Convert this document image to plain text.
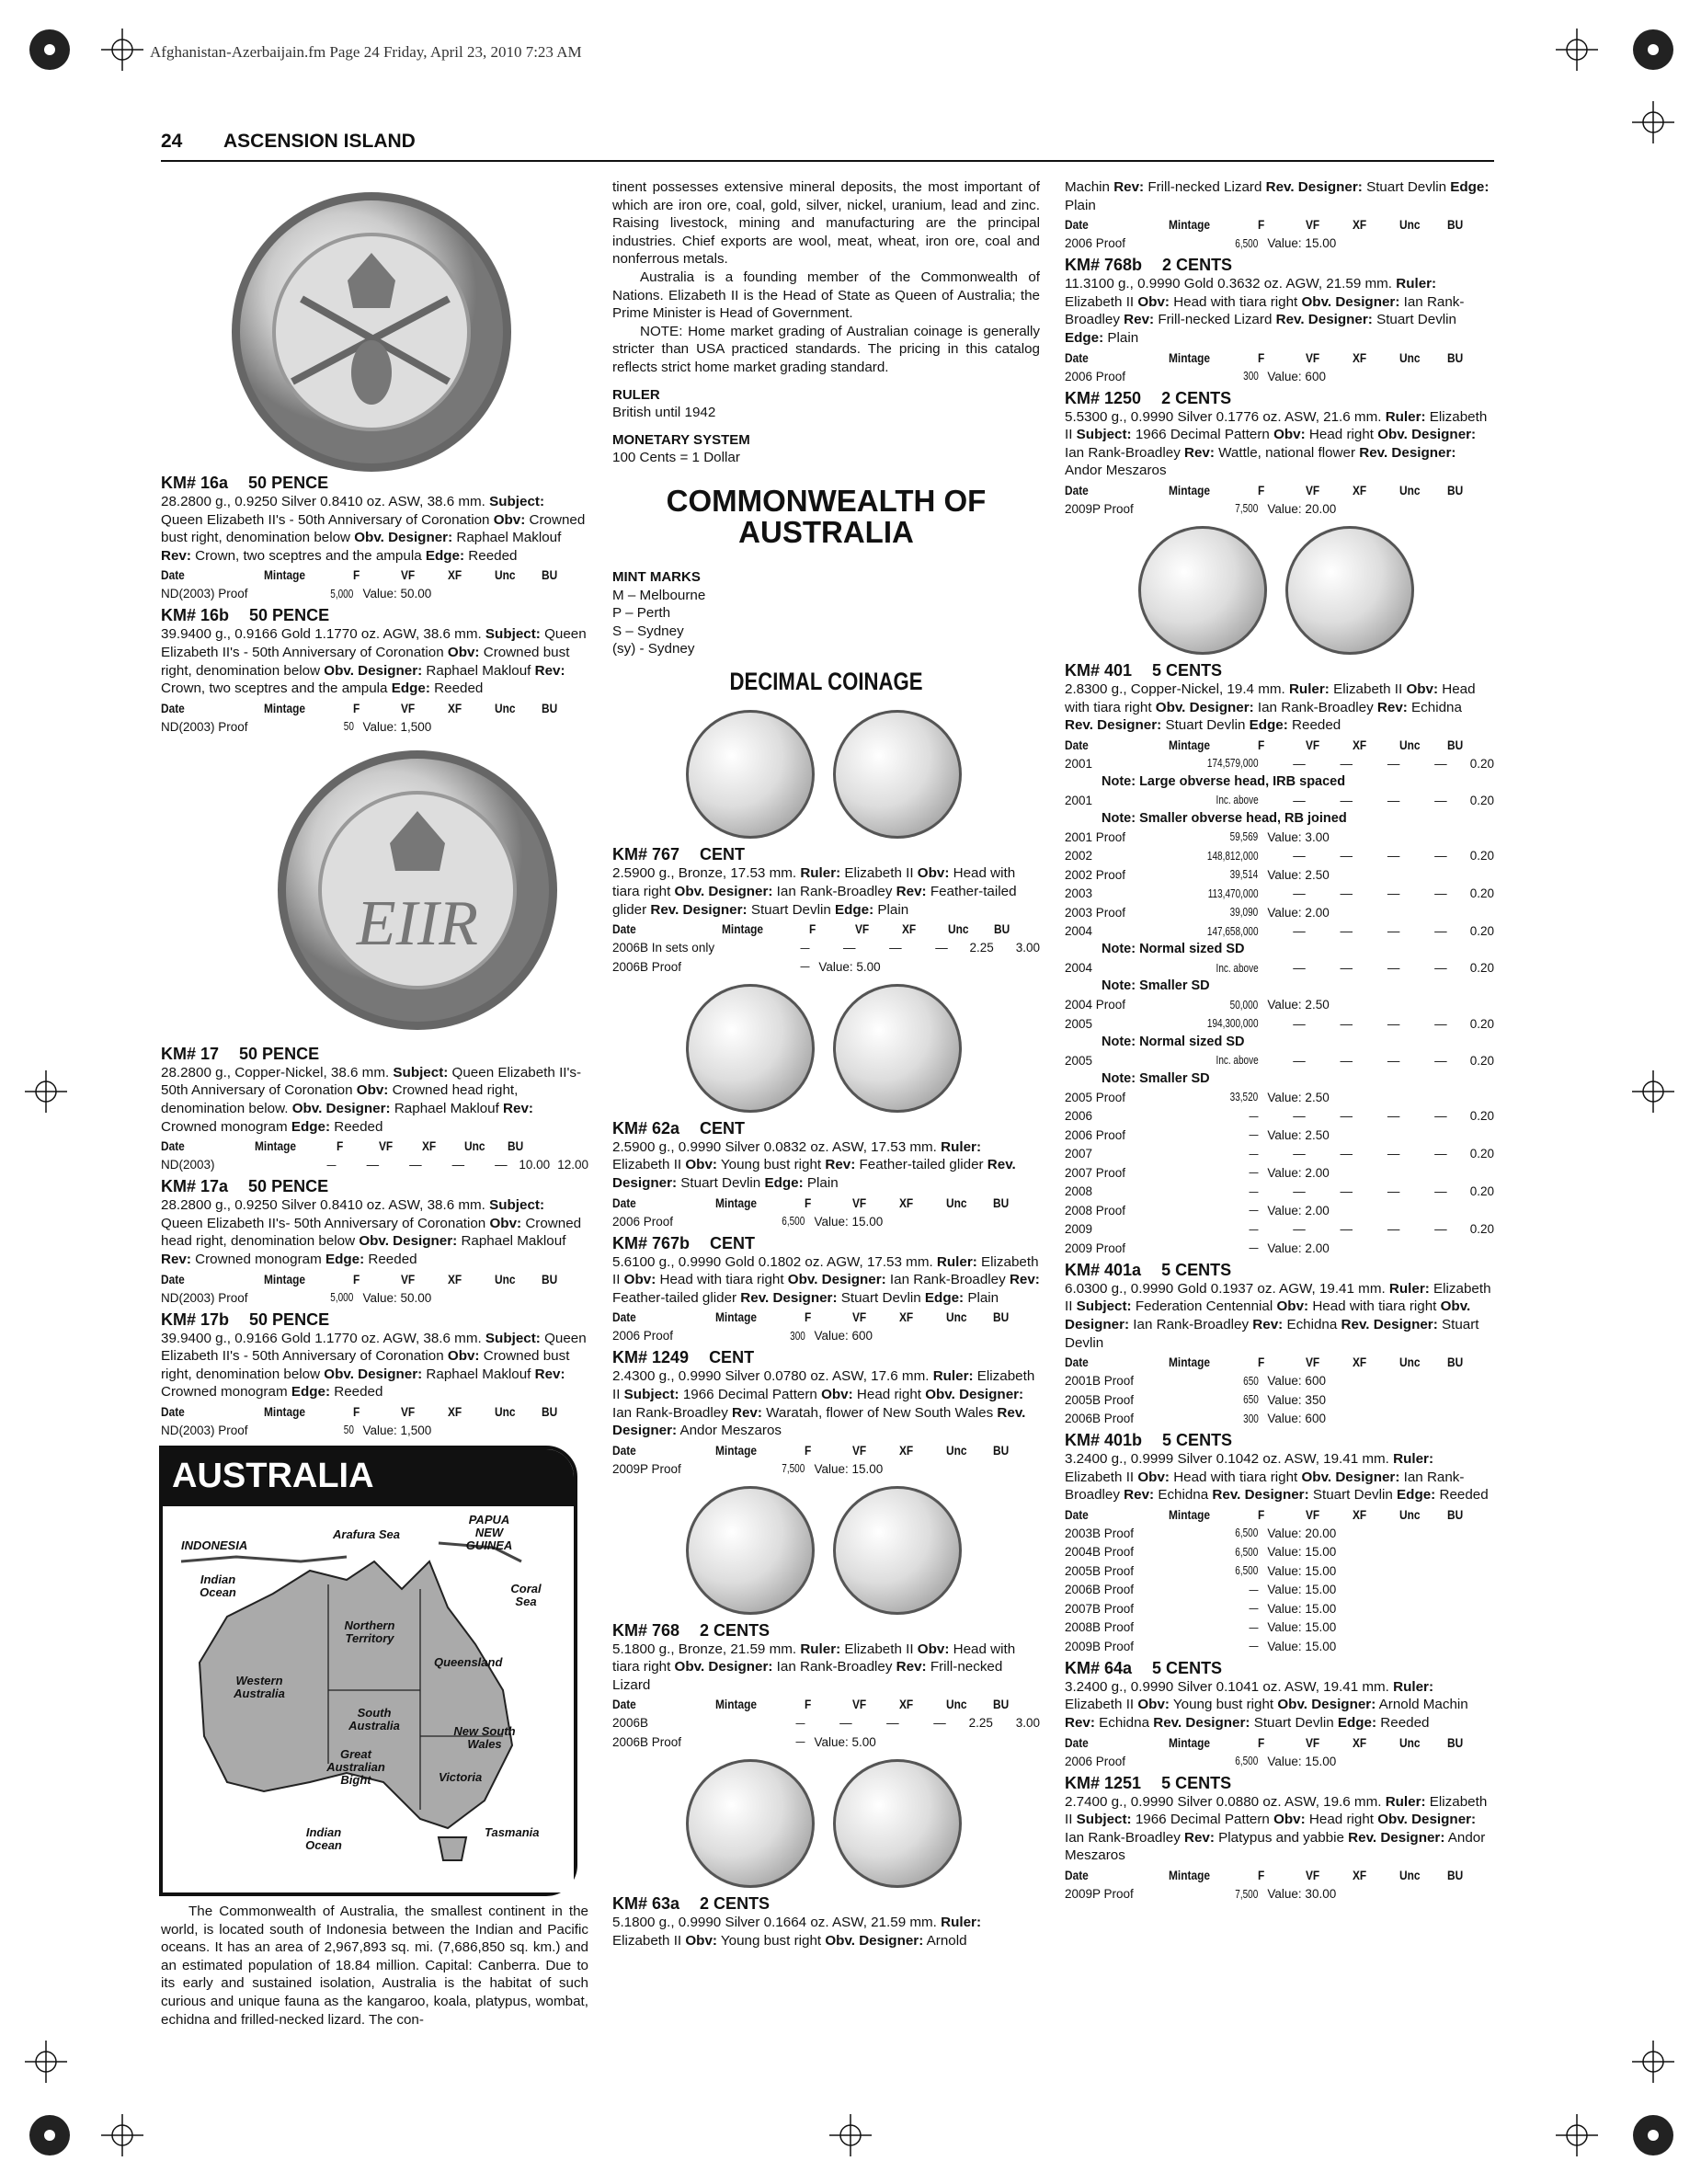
Afghanistan-Azerbaijain.fm Page 24 Friday, April 23, 2010 7:23 AM
24 ASCENSION ISLAND
EIIR
KM# 16a 50 PENCE

28.2800 g., 0.9250 Silver 0.8410 oz. ASW, 38.6 mm. Subject: Queen Elizabeth II's - 50th Anniversary of Coronation Obv: Crowned bust right, denomination below Obv. Designer: Raphael Maklouf Rev: Crown, two sceptres and the ampula Edge: Reeded

Date	Mintage	F	VF	XF	Unc	BU
ND(2003) Proof	5,000	Value: 50.00				
KM# 16b 50 PENCE

39.9400 g., 0.9166 Gold 1.1770 oz. AGW, 38.6 mm. Subject: Queen Elizabeth II's - 50th Anniversary of Coronation Obv: Crowned bust right, denomination below Obv. Designer: Raphael Maklouf Rev: Crown, two sceptres and the ampula Edge: Reeded

Date	Mintage	F	VF	XF	Unc	BU
ND(2003) Proof	50	Value: 1,500				
KM# 17 50 PENCE

28.2800 g., Copper-Nickel, 38.6 mm. Subject: Queen Elizabeth II's- 50th Anniversary of Coronation Obv: Crowned head right, denomination below. Obv. Designer: Raphael Maklouf Rev: Crowned monogram Edge: Reeded

Date	Mintage	F	VF	XF	Unc	BU	
ND(2003)	—	—	—	—	—	10.00	12.00
KM# 17a 50 PENCE

28.2800 g., 0.9250 Silver 0.8410 oz. ASW, 38.6 mm. Subject: Queen Elizabeth II's- 50th Anniversary of Coronation Obv: Crowned head right, denomination below Obv. Designer: Raphael Maklouf Rev: Crowned monogram Edge: Reeded

Date	Mintage	F	VF	XF	Unc	BU
ND(2003) Proof	5,000	Value: 50.00				
KM# 17b 50 PENCE

39.9400 g., 0.9166 Gold 1.1770 oz. AGW, 38.6 mm. Subject: Queen Elizabeth II's - 50th Anniversary of Coronation Obv: Crowned bust right, denomination below Obv. Designer: Raphael Maklouf Rev: Crowned monogram Edge: Reeded

Date	Mintage	F	VF	XF	Unc	BU
ND(2003) Proof	50	Value: 1,500				
AUSTRALIA
INDONESIA
Arafura Sea
PAPUA NEW GUINEA
Indian Ocean	Coral Sea
Northern Territory
Queensland
Western Australia
South Australia	New South Wales
Great Australian Bight	Victoria
Indian Ocean
Tasmania

The Commonwealth of Australia, the smallest continent in the world, is located south of Indonesia between the Indian and Pacific oceans. It has an area of 2,967,893 sq. mi. (7,686,850 sq. km.) and an estimated population of 18.84 million. Capital: Canberra. Due to its early and sustained isolation, Australia is the habitat of such curious and unique fauna as the kangaroo, koala, platypus, wombat, echidna and frilled-necked lizard. The con-

tinent possesses extensive mineral deposits, the most important of which are iron ore, coal, gold, silver, nickel, uranium, lead and zinc. Raising livestock, mining and manufacturing are the principal industries. Chief exports are wool, meat, wheat, iron ore, coal and nonferrous metals.

Australia is a founding member of the Commonwealth of Nations. Elizabeth II is the Head of State as Queen of Australia; the Prime Minister is Head of Government.

NOTE: Home market grading of Australian coinage is generally stricter than USA practiced standards. The pricing in this catalog reflects strict home market grading standard.

RULER
British until 1942
MONETARY SYSTEM
100 Cents = 1 Dollar
COMMONWEALTH OF AUSTRALIA
MINT MARKS
M – Melbourne
P – Perth
S – Sydney
(sy) - Sydney
DECIMAL COINAGE
KM# 767 CENT

2.5900 g., Bronze, 17.53 mm. Ruler: Elizabeth II Obv: Head with tiara right Obv. Designer: Ian Rank-Broadley Rev: Feather-tailed glider Rev. Designer: Stuart Devlin Edge: Plain

Date	Mintage	F	VF	XF	Unc	BU
2006B In sets only	—	—	—	—	2.25	3.00
2006B Proof	—	Value: 5.00				
KM# 62a CENT

2.5900 g., 0.9990 Silver 0.0832 oz. ASW, 17.53 mm. Ruler: Elizabeth II Obv: Young bust right Rev: Feather-tailed glider Rev. Designer: Stuart Devlin Edge: Plain

Date	Mintage	F	VF	XF	Unc	BU
2006 Proof	6,500	Value: 15.00				
KM# 767b CENT

5.6100 g., 0.9990 Gold 0.1802 oz. AGW, 17.53 mm. Ruler: Elizabeth II Obv: Head with tiara right Obv. Designer: Ian Rank-Broadley Rev: Feather-tailed glider Rev. Designer: Stuart Devlin Edge: Plain

Date	Mintage	F	VF	XF	Unc	BU
2006 Proof	300	Value: 600				
KM# 1249 CENT

2.4300 g., 0.9990 Silver 0.0780 oz. ASW, 17.6 mm. Ruler: Elizabeth II Subject: 1966 Decimal Pattern Obv: Head right Obv. Designer: Ian Rank-Broadley Rev: Waratah, flower of New South Wales Rev. Designer: Andor Meszaros

Date	Mintage	F	VF	XF	Unc	BU
2009P Proof	7,500	Value: 15.00				
KM# 768 2 CENTS

5.1800 g., Bronze, 21.59 mm. Ruler: Elizabeth II Obv: Head with tiara right Obv. Designer: Ian Rank-Broadley Rev: Frill-necked Lizard

Date	Mintage	F	VF	XF	Unc	BU
2006B	—	—	—	—	2.25	3.00
2006B Proof	—	Value: 5.00				
KM# 63a 2 CENTS

5.1800 g., 0.9990 Silver 0.1664 oz. ASW, 21.59 mm. Ruler: Elizabeth II Obv: Young bust right Obv. Designer: Arnold

Machin Rev: Frill-necked Lizard Rev. Designer: Stuart Devlin Edge: Plain

Date	Mintage	F	VF	XF	Unc	BU
2006 Proof	6,500	Value: 15.00				
KM# 768b 2 CENTS

11.3100 g., 0.9990 Gold 0.3632 oz. AGW, 21.59 mm. Ruler: Elizabeth II Obv: Head with tiara right Obv. Designer: Ian Rank-Broadley Rev: Frill-necked Lizard Rev. Designer: Stuart Devlin Edge: Plain

Date	Mintage	F	VF	XF	Unc	BU
2006 Proof	300	Value: 600				
KM# 1250 2 CENTS

5.5300 g., 0.9990 Silver 0.1776 oz. ASW, 21.6 mm. Ruler: Elizabeth II Subject: 1966 Decimal Pattern Obv: Head right Obv. Designer: Ian Rank-Broadley Rev: Wattle, national flower Rev. Designer: Andor Meszaros

Date	Mintage	F	VF	XF	Unc	BU
2009P Proof	7,500	Value: 20.00				
KM# 401 5 CENTS

2.8300 g., Copper-Nickel, 19.4 mm. Ruler: Elizabeth II Obv: Head with tiara right Obv. Designer: Ian Rank-Broadley Rev: Echidna Rev. Designer: Stuart Devlin Edge: Reeded

Date	Mintage	F	VF	XF	Unc	BU
2001	174,579,000	—	—	—	—	0.20
Note: Large obverse head, IRB spaced						
2001	Inc. above	—	—	—	—	0.20
Note: Smaller obverse head, RB joined						
2001 Proof	59,569	Value: 3.00				
2002	148,812,000	—	—	—	—	0.20
2002 Proof	39,514	Value: 2.50				
2003	113,470,000	—	—	—	—	0.20
2003 Proof	39,090	Value: 2.00				
2004	147,658,000	—	—	—	—	0.20
Note: Normal sized SD						
2004	Inc. above	—	—	—	—	0.20
Note: Smaller SD						
2004 Proof	50,000	Value: 2.50				
2005	194,300,000	—	—	—	—	0.20
Note: Normal sized SD						
2005	Inc. above	—	—	—	—	0.20
Note: Smaller SD						
2005 Proof	33,520	Value: 2.50				
2006	—	—	—	—	—	0.20
2006 Proof	—	Value: 2.50				
2007	—	—	—	—	—	0.20
2007 Proof	—	Value: 2.00				
2008	—	—	—	—	—	0.20
2008 Proof	—	Value: 2.00				
2009	—	—	—	—	—	0.20
2009 Proof	—	Value: 2.00				
KM# 401a 5 CENTS

6.0300 g., 0.9990 Gold 0.1937 oz. AGW, 19.41 mm. Ruler: Elizabeth II Subject: Federation Centennial Obv: Head with tiara right Obv. Designer: Ian Rank-Broadley Rev: Echidna Rev. Designer: Stuart Devlin

Date	Mintage	F	VF	XF	Unc	BU
2001B Proof	650	Value: 600				
2005B Proof	650	Value: 350				
2006B Proof	300	Value: 600				
KM# 401b 5 CENTS

3.2400 g., 0.9999 Silver 0.1042 oz. ASW, 19.41 mm. Ruler: Elizabeth II Obv: Head with tiara right Obv. Designer: Ian Rank-Broadley Rev: Echidna Rev. Designer: Stuart Devlin Edge: Reeded

Date	Mintage	F	VF	XF	Unc	BU
2003B Proof	6,500	Value: 20.00				
2004B Proof	6,500	Value: 15.00				
2005B Proof	6,500	Value: 15.00				
2006B Proof	—	Value: 15.00				
2007B Proof	—	Value: 15.00				
2008B Proof	—	Value: 15.00				
2009B Proof	—	Value: 15.00				
KM# 64a 5 CENTS

3.2400 g., 0.9990 Silver 0.1041 oz. ASW, 19.41 mm. Ruler: Elizabeth II Obv: Young bust right Obv. Designer: Arnold Machin Rev: Echidna Rev. Designer: Stuart Devlin Edge: Reeded

Date	Mintage	F	VF	XF	Unc	BU
2006 Proof	6,500	Value: 15.00				
KM# 1251 5 CENTS

2.7400 g., 0.9990 Silver 0.0880 oz. ASW, 19.6 mm. Ruler: Elizabeth II Subject: 1966 Decimal Pattern Obv: Head right Obv. Designer: Ian Rank-Broadley Rev: Platypus and yabbie Rev. Designer: Andor Meszaros

Date	Mintage	F	VF	XF	Unc	BU
2009P Proof	7,500	Value: 30.00				
